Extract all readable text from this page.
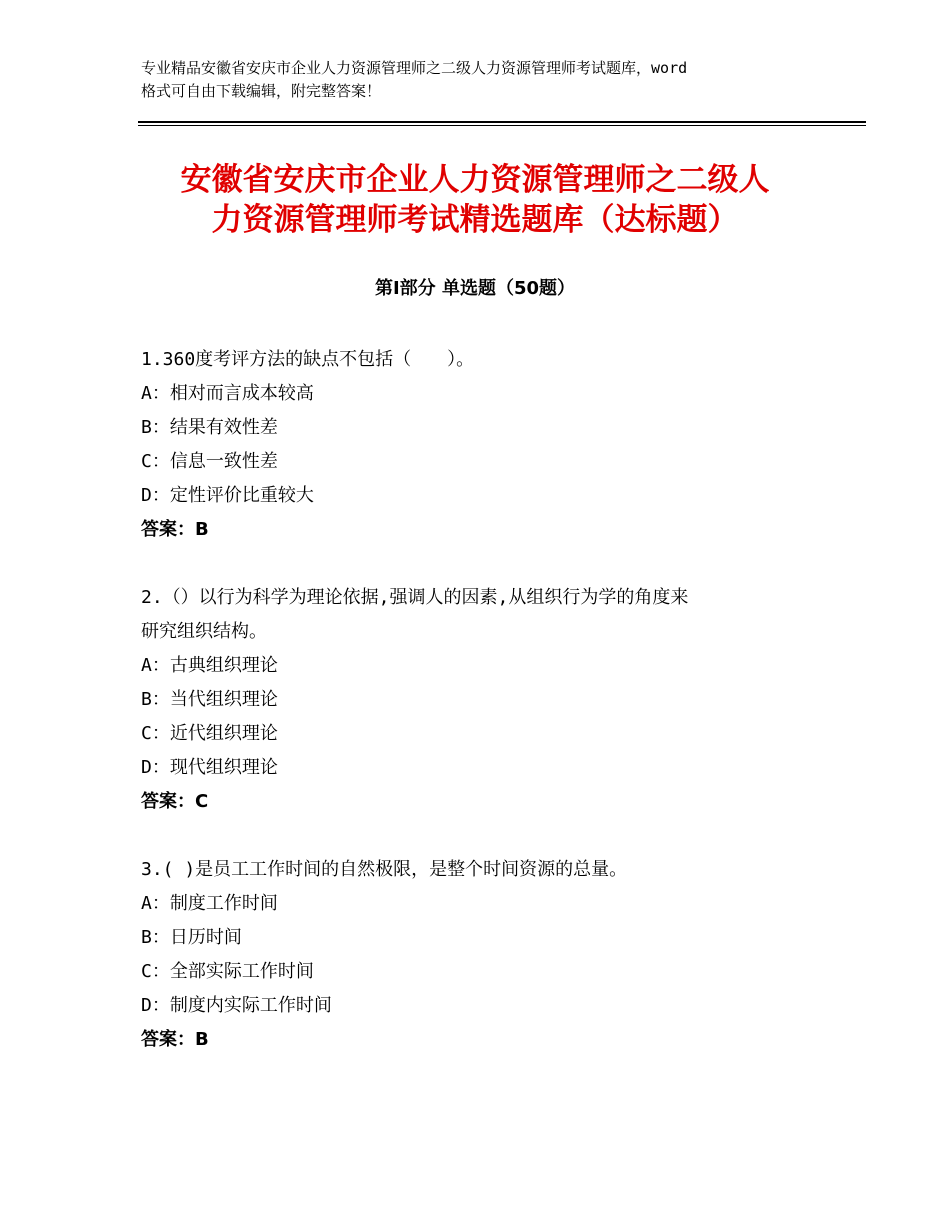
专业精品安徽省安庆市企业人力资源管理师之二级人力资源管理师考试题库，word
格式可自由下载编辑，附完整答案！
安徽省安庆市企业人力资源管理师之二级人
力资源管理师考试精选题库（达标题）
第Ⅰ部分 单选题（50题）
1.360度考评方法的缺点不包括（　　）。
A：相对而言成本较高
B：结果有效性差
C：信息一致性差
D：定性评价比重较大
答案：B
2.（）以行为科学为理论依据,强调人的因素,从组织行为学的角度来
研究组织结构。
A：古典组织理论
B：当代组织理论
C：近代组织理论
D：现代组织理论
答案：C
3.( )是员工工作时间的自然极限，是整个时间资源的总量。
A：制度工作时间
B：日历时间
C：全部实际工作时间
D：制度内实际工作时间
答案：B
